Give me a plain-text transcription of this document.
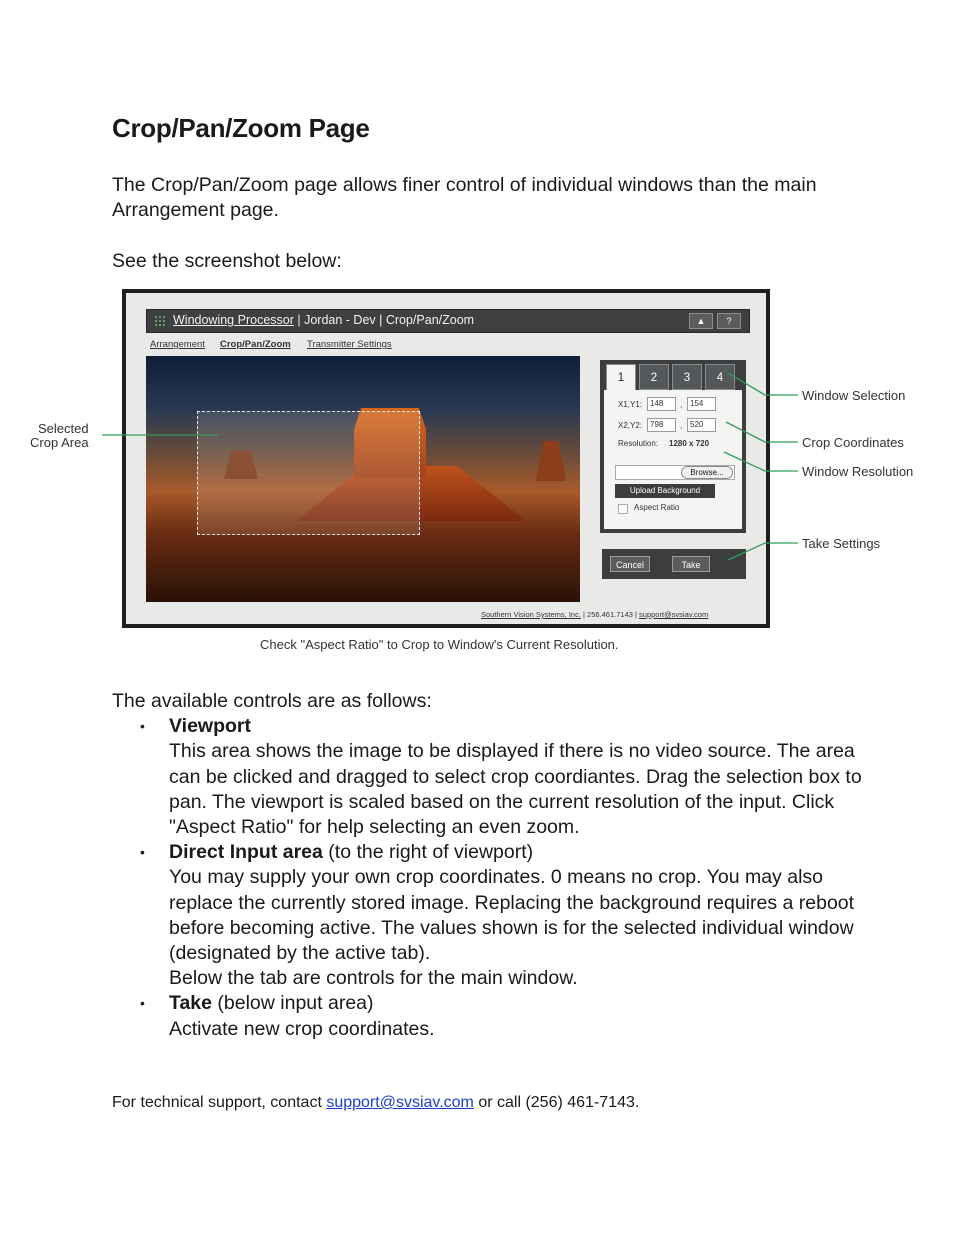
Crop/Pan/Zoom Page
The Crop/Pan/Zoom page allows finer control of individual windows than the main Arrangement page.
See the screenshot below:
Windowing Processor | Jordan - Dev | Crop/Pan/Zoom	▲	?
Arrangement Crop/Pan/Zoom Transmitter Settings
1	2	3	4
X1,Y1: 148	, 154
X2,Y2: 798	, 520
Resolution: 1280 x 720
Browse...
Upload Background
Aspect Ratio
Cancel	Take
Southern Vision Systems, Inc. | 256.461.7143 | support@svsiav.com
Selected
Crop Area
Window Selection
Crop Coordinates
Window Resolution
Take Settings
Check "Aspect Ratio" to Crop to Window's Current Resolution.
The available controls are as follows:
• Viewport
This area shows the image to be displayed if there is no video source. The area can be clicked and dragged to select crop coordiantes. Drag the selection box to pan. The viewport is scaled based on the current resolution of the input. Click "Aspect Ratio" for help selecting an even zoom.
• Direct Input area (to the right of viewport)
You may supply your own crop coordinates. 0 means no crop. You may also replace the currently stored image. Replacing the background requires a reboot before becoming active. The values shown is for the selected individual window (designated by the active tab).
Below the tab are controls for the main window.
• Take (below input area)
Activate new crop coordinates.
For technical support, contact support@svsiav.com or call (256) 461-7143.
